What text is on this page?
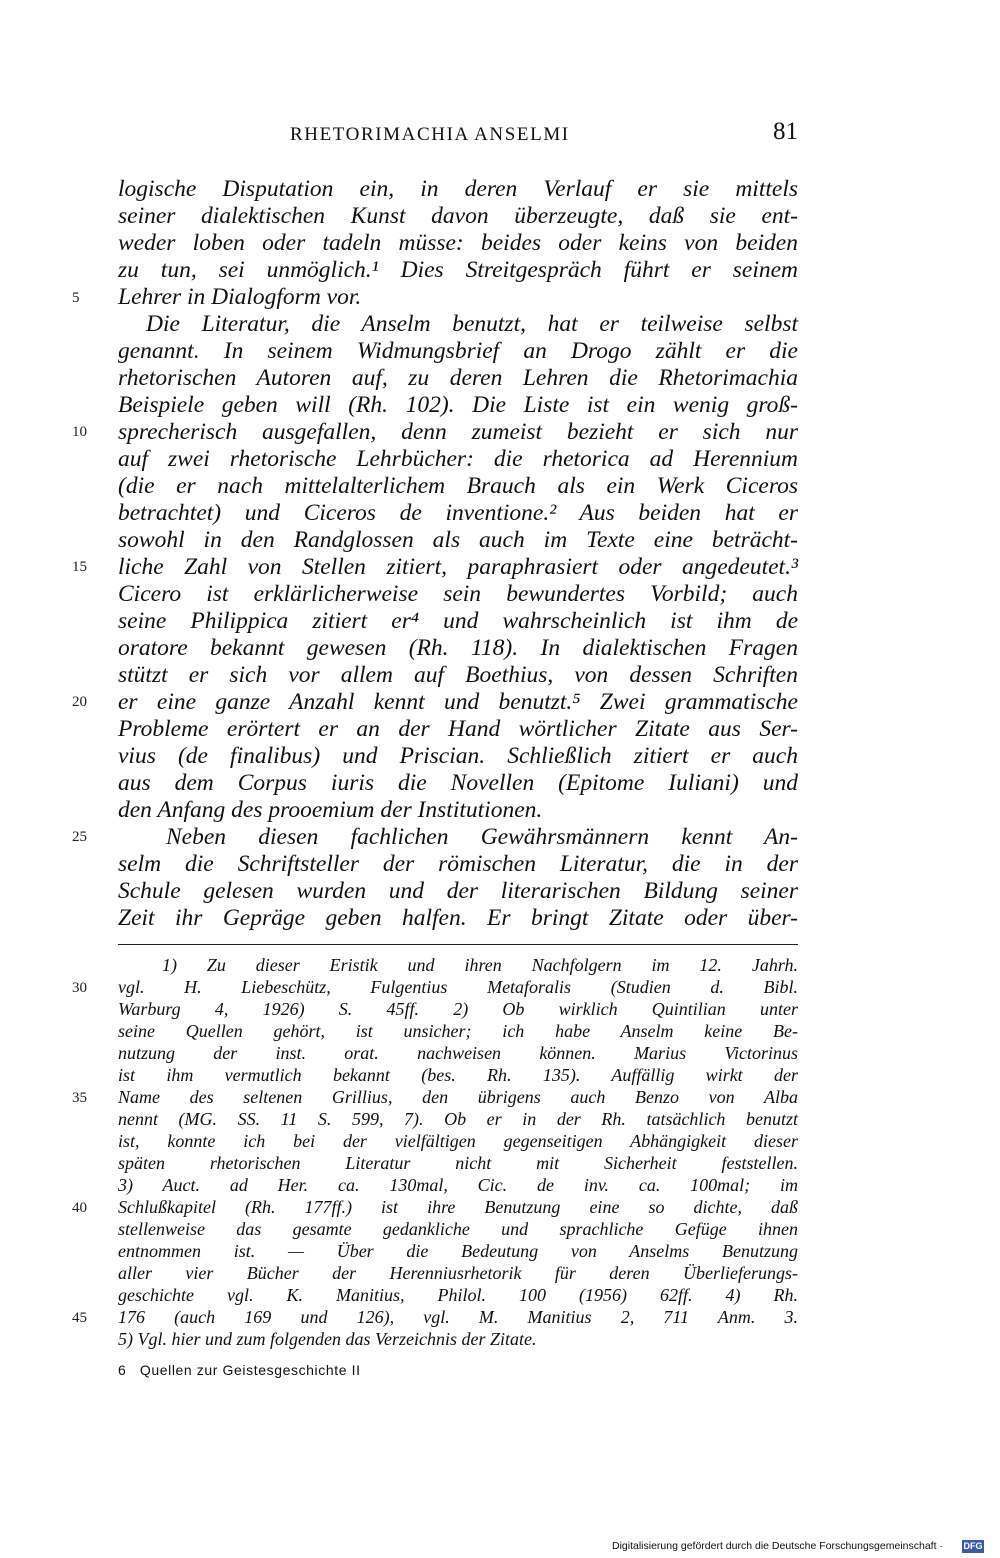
RHETORIMACHIA ANSELMI	81
logische Disputation ein, in deren Verlauf er sie mittels
seiner dialektischen Kunst davon überzeugte, daß sie ent-
weder loben oder tadeln müsse: beides oder keins von beiden
zu tun, sei unmöglich.¹ Dies Streitgespräch führt er seinem
Lehrer in Dialogform vor.
Die Literatur, die Anselm benutzt, hat er teilweise selbst
genannt. In seinem Widmungsbrief an Drogo zählt er die
rhetorischen Autoren auf, zu deren Lehren die Rhetorimachia
Beispiele geben will (Rh. 102). Die Liste ist ein wenig groß-
sprecherisch ausgefallen, denn zumeist bezieht er sich nur
auf zwei rhetorische Lehrbücher: die rhetorica ad Herennium
(die er nach mittelalterlichem Brauch als ein Werk Ciceros
betrachtet) und Ciceros de inventione.² Aus beiden hat er
sowohl in den Randglossen als auch im Texte eine beträcht-
liche Zahl von Stellen zitiert, paraphrasiert oder angedeutet.³
Cicero ist erklärlicherweise sein bewundertes Vorbild; auch
seine Philippica zitiert er⁴ und wahrscheinlich ist ihm de
oratore bekannt gewesen (Rh. 118). In dialektischen Fragen
stützt er sich vor allem auf Boethius, von dessen Schriften
er eine ganze Anzahl kennt und benutzt.⁵ Zwei grammatische
Probleme erörtert er an der Hand wörtlicher Zitate aus Ser-
vius (de finalibus) und Priscian. Schließlich zitiert er auch
aus dem Corpus iuris die Novellen (Epitome Iuliani) und
den Anfang des prooemium der Institutionen.
Neben diesen fachlichen Gewährsmännern kennt An-
selm die Schriftsteller der römischen Literatur, die in der
Schule gelesen wurden und der literarischen Bildung seiner
Zeit ihr Gepräge geben halfen. Er bringt Zitate oder über-
5
10
15
20
25
30
35
40
45
1) Zu dieser Eristik und ihren Nachfolgern im 12. Jahrh.
vgl. H. Liebeschütz, Fulgentius Metaforalis (Studien d. Bibl.
Warburg 4, 1926) S. 45ff. 2) Ob wirklich Quintilian unter
seine Quellen gehört, ist unsicher; ich habe Anselm keine Be-
nutzung der inst. orat. nachweisen können. Marius Victorinus
ist ihm vermutlich bekannt (bes. Rh. 135). Auffällig wirkt der
Name des seltenen Grillius, den übrigens auch Benzo von Alba
nennt (MG. SS. 11 S. 599, 7). Ob er in der Rh. tatsächlich benutzt
ist, konnte ich bei der vielfältigen gegenseitigen Abhängigkeit dieser
späten rhetorischen Literatur nicht mit Sicherheit feststellen.
3) Auct. ad Her. ca. 130mal, Cic. de inv. ca. 100mal; im
Schlußkapitel (Rh. 177ff.) ist ihre Benutzung eine so dichte, daß
stellenweise das gesamte gedankliche und sprachliche Gefüge ihnen
entnommen ist. — Über die Bedeutung von Anselms Benutzung
aller vier Bücher der Herenniusrhetorik für deren Überlieferungs-
geschichte vgl. K. Manitius, Philol. 100 (1956) 62ff. 4) Rh.
176 (auch 169 und 126), vgl. M. Manitius 2, 711 Anm. 3.
5) Vgl. hier und zum folgenden das Verzeichnis der Zitate.
6   Quellen zur Geistesgeschichte II
Digitalisierung gefördert durch die Deutsche Forschungsgemeinschaft · DFG
